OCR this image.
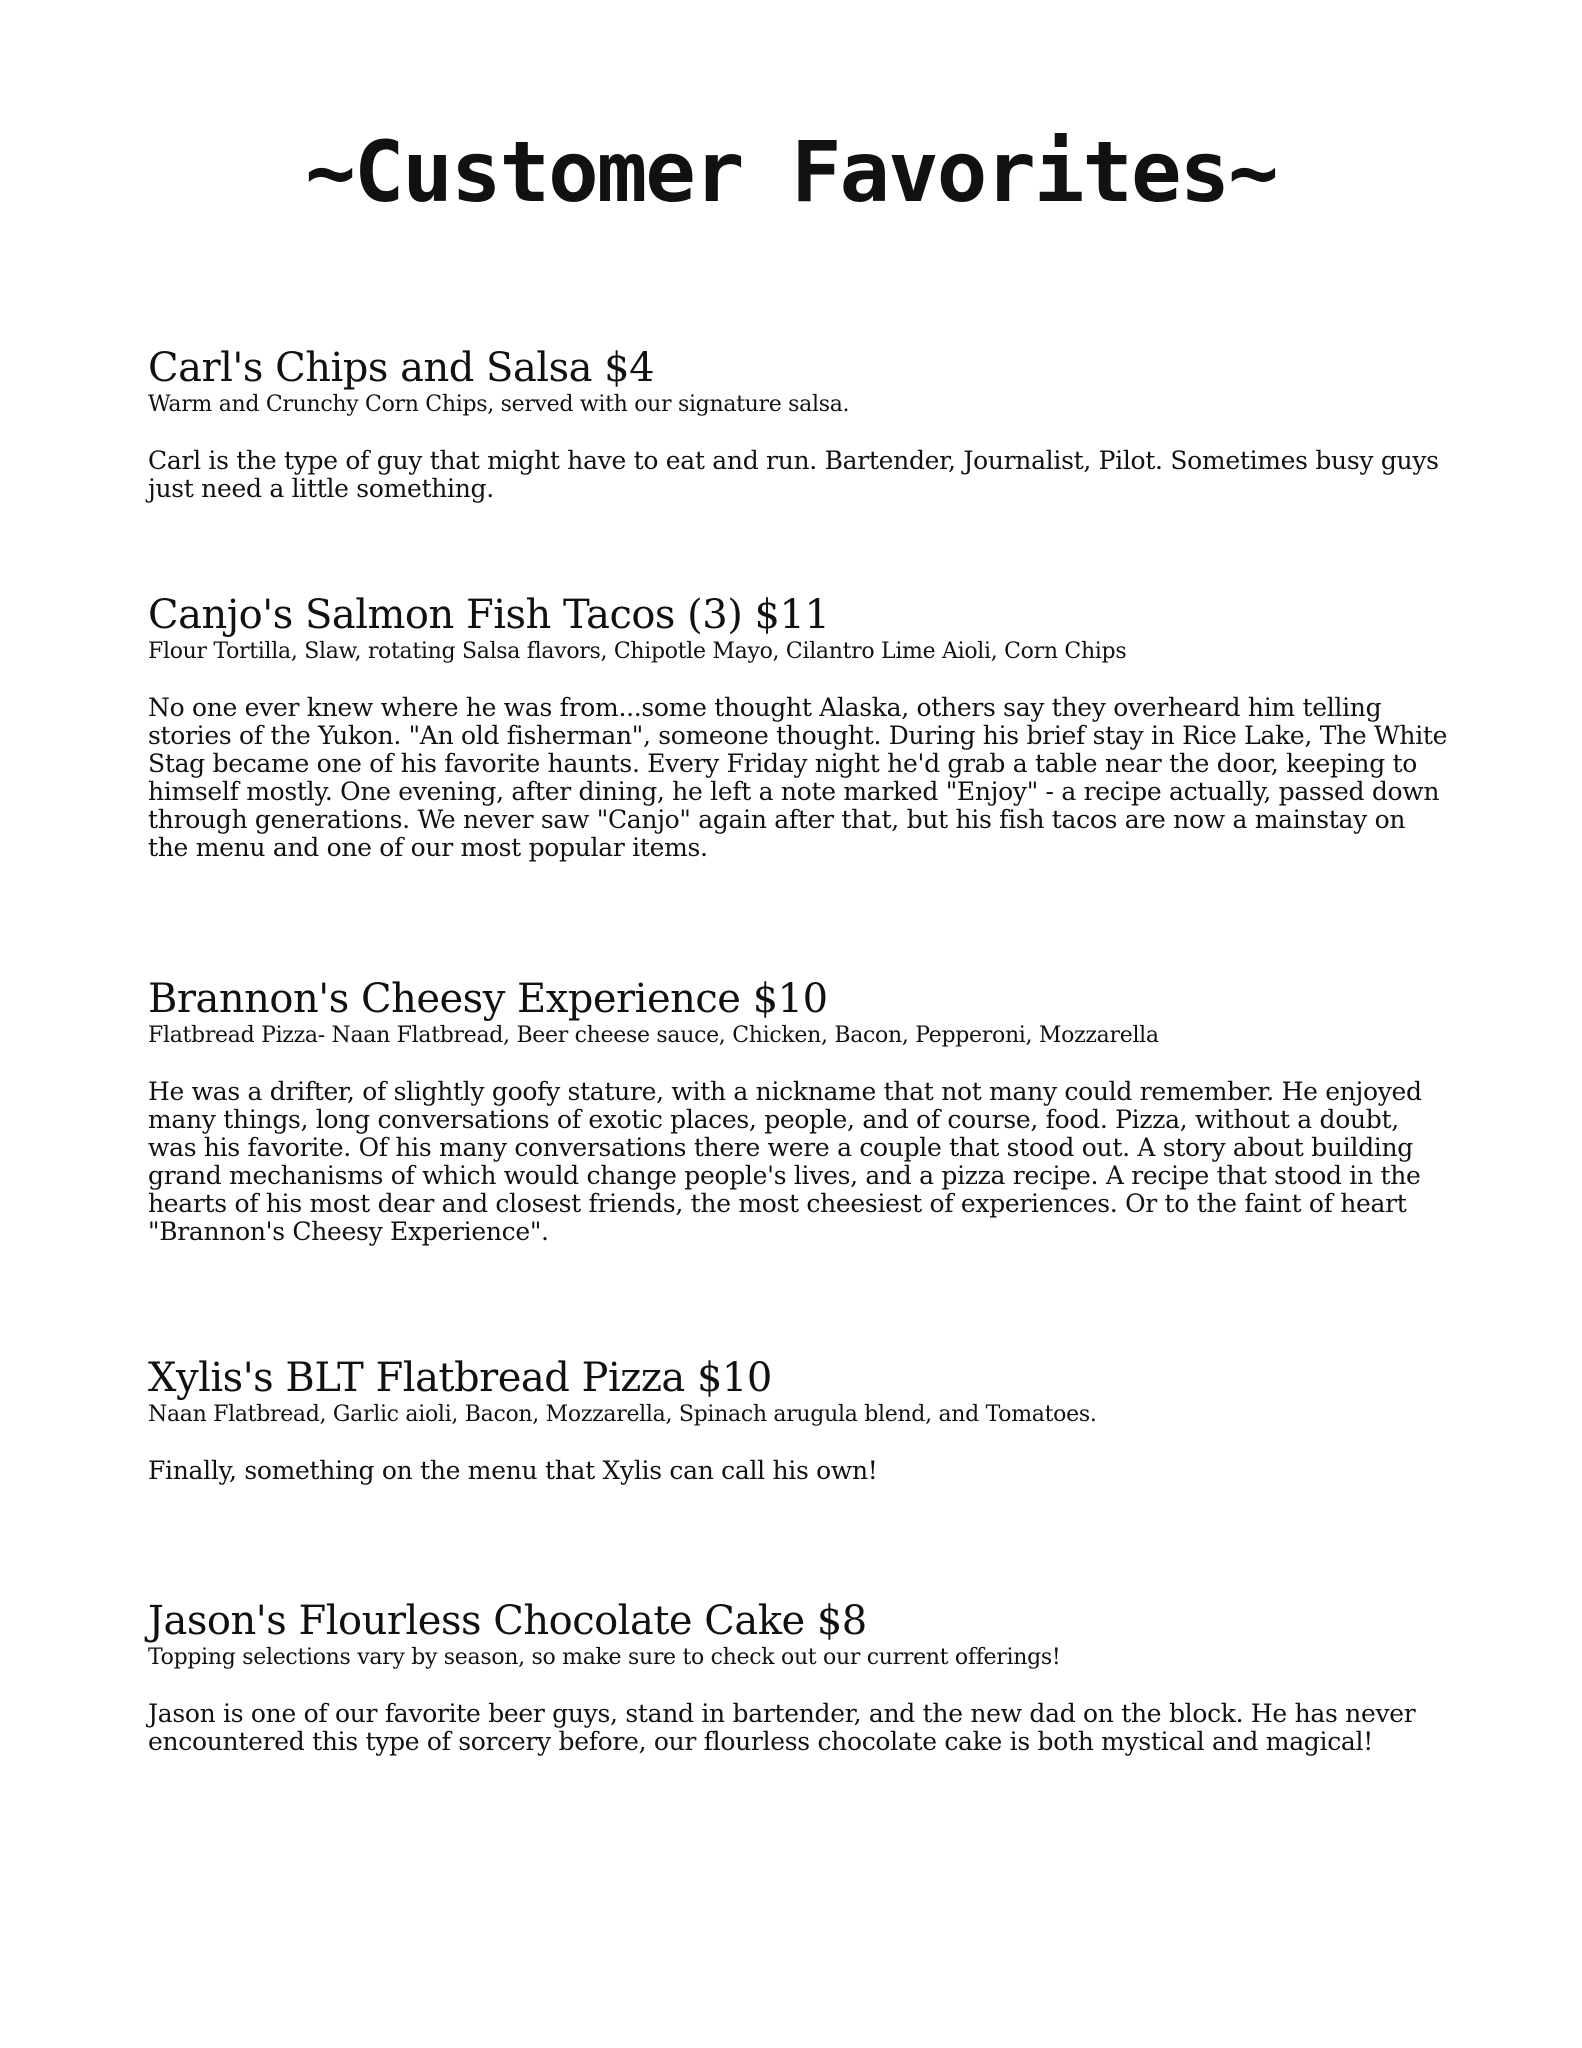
~Customer Favorites~
Carl's Chips and Salsa $4

Warm and Crunchy Corn Chips, served with our signature salsa.

Carl is the type of guy that might have to eat and run. Bartender, Journalist, Pilot. Sometimes busy guys just need a little something.

Canjo's Salmon Fish Tacos (3) $11

Flour Tortilla, Slaw, rotating Salsa flavors, Chipotle Mayo, Cilantro Lime Aioli, Corn Chips

No one ever knew where he was from...some thought Alaska, others say they overheard him telling stories of the Yukon. "An old fisherman", someone thought. During his brief stay in Rice Lake, The White Stag became one of his favorite haunts. Every Friday night he'd grab a table near the door, keeping to himself mostly. One evening, after dining, he left a note marked "Enjoy" - a recipe actually, passed down through generations. We never saw "Canjo" again after that, but his fish tacos are now a mainstay on the menu and one of our most popular items.

Brannon's Cheesy Experience $10

Flatbread Pizza- Naan Flatbread, Beer cheese sauce, Chicken, Bacon, Pepperoni, Mozzarella

He was a drifter, of slightly goofy stature, with a nickname that not many could remember. He enjoyed many things, long conversations of exotic places, people, and of course, food. Pizza, without a doubt, was his favorite. Of his many conversations there were a couple that stood out. A story about building grand mechanisms of which would change people's lives, and a pizza recipe. A recipe that stood in the hearts of his most dear and closest friends, the most cheesiest of experiences. Or to the faint of heart "Brannon's Cheesy Experience".

Xylis's BLT Flatbread Pizza $10

Naan Flatbread, Garlic aioli, Bacon, Mozzarella, Spinach arugula blend, and Tomatoes.

Finally, something on the menu that Xylis can call his own!

Jason's Flourless Chocolate Cake $8

Topping selections vary by season, so make sure to check out our current offerings!

Jason is one of our favorite beer guys, stand in bartender, and the new dad on the block. He has never encountered this type of sorcery before, our flourless chocolate cake is both mystical and magical!
